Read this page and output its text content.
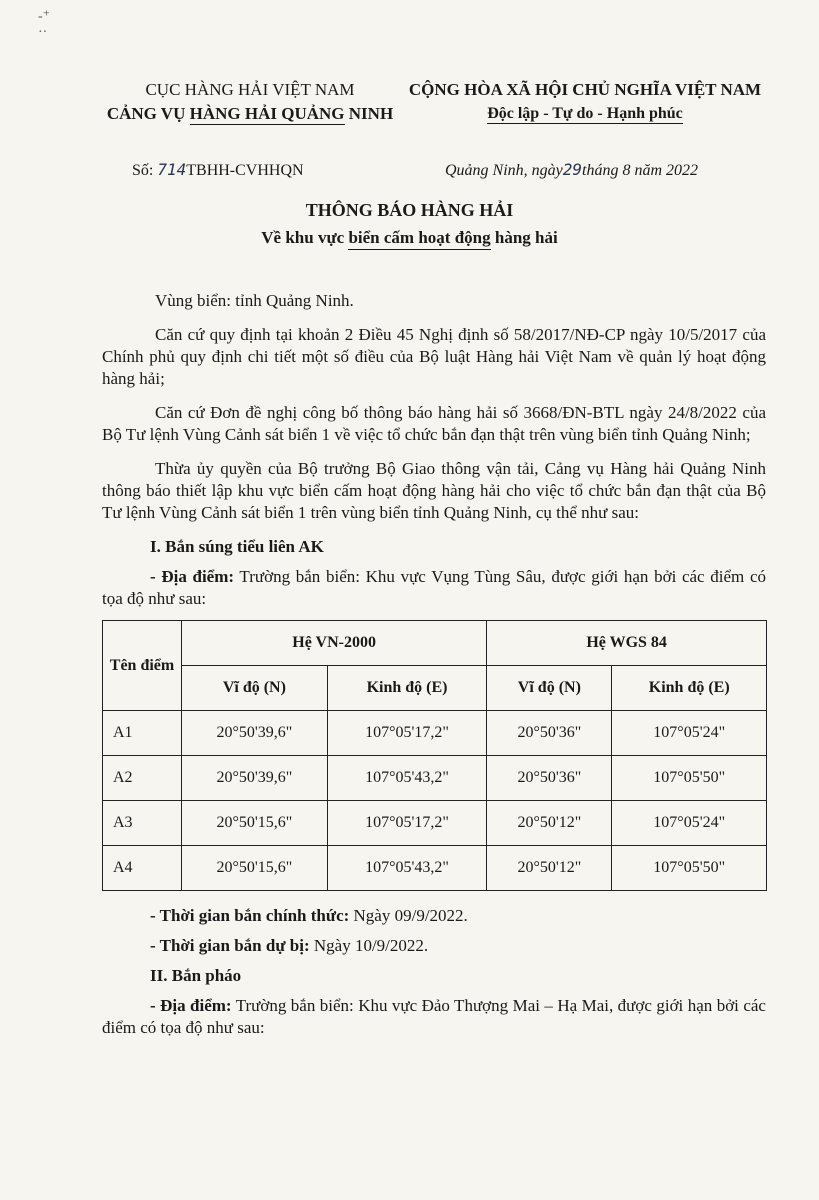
-⁺
··
CỤC HÀNG HẢI VIỆT NAM
CẢNG VỤ HÀNG HẢI QUẢNG NINH
CỘNG HÒA XÃ HỘI CHỦ NGHĨA VIỆT NAM
Độc lập - Tự do - Hạnh phúc
Số: 714TBHH-CVHHQN	Quảng Ninh, ngày29tháng 8 năm 2022
THÔNG BÁO HÀNG HẢI
Về khu vực biển cấm hoạt động hàng hải

Vùng biển: tỉnh Quảng Ninh.

Căn cứ quy định tại khoản 2 Điều 45 Nghị định số 58/2017/NĐ-CP ngày 10/5/2017 của Chính phủ quy định chi tiết một số điều của Bộ luật Hàng hải Việt Nam về quản lý hoạt động hàng hải;

Căn cứ Đơn đề nghị công bố thông báo hàng hải số 3668/ĐN-BTL ngày 24/8/2022 của Bộ Tư lệnh Vùng Cảnh sát biển 1 về việc tổ chức bắn đạn thật trên vùng biển tỉnh Quảng Ninh;

Thừa ủy quyền của Bộ trưởng Bộ Giao thông vận tải, Cảng vụ Hàng hải Quảng Ninh thông báo thiết lập khu vực biển cấm hoạt động hàng hải cho việc tổ chức bắn đạn thật của Bộ Tư lệnh Vùng Cảnh sát biển 1 trên vùng biển tỉnh Quảng Ninh, cụ thể như sau:

I. Bắn súng tiểu liên AK

- Địa điểm: Trường bắn biển: Khu vực Vụng Tùng Sâu, được giới hạn bởi các điểm có tọa độ như sau:

Tên điểm	Hệ VN-2000		Hệ WGS 84	
	Vĩ độ (N)	Kinh độ (E)	Vĩ độ (N)	Kinh độ (E)
A1	20°50'39,6"	107°05'17,2"	20°50'36"	107°05'24"
A2	20°50'39,6"	107°05'43,2"	20°50'36"	107°05'50"
A3	20°50'15,6"	107°05'17,2"	20°50'12"	107°05'24"
A4	20°50'15,6"	107°05'43,2"	20°50'12"	107°05'50"

- Thời gian bắn chính thức: Ngày 09/9/2022.

- Thời gian bắn dự bị: Ngày 10/9/2022.

II. Bắn pháo

- Địa điểm: Trường bắn biển: Khu vực Đảo Thượng Mai – Hạ Mai, được giới hạn bởi các điểm có tọa độ như sau:
